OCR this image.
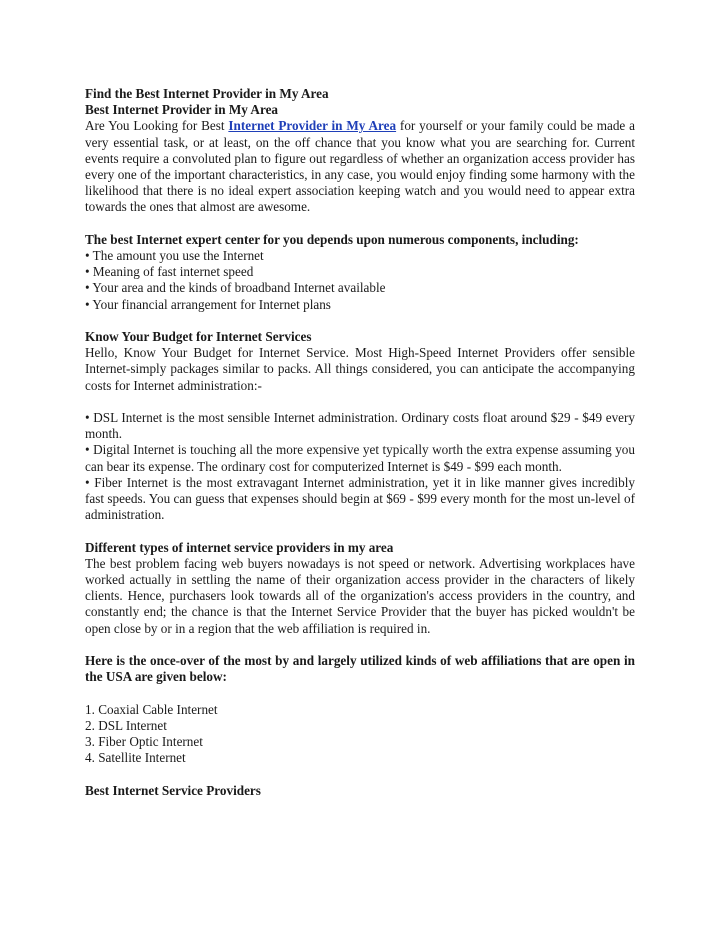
Find the Best Internet Provider in My Area
Best Internet Provider in My Area

Are You Looking for Best Internet Provider in My Area for yourself or your family could be made a very essential task, or at least, on the off chance that you know what you are searching for. Current events require a convoluted plan to figure out regardless of whether an organization access provider has every one of the important characteristics, in any case, you would enjoy finding some harmony with the likelihood that there is no ideal expert association keeping watch and you would need to appear extra towards the ones that almost are awesome.

The best Internet expert center for you depends upon numerous components, including:
• The amount you use the Internet
• Meaning of fast internet speed
• Your area and the kinds of broadband Internet available
• Your financial arrangement for Internet plans
Know Your Budget for Internet Services

Hello, Know Your Budget for Internet Service. Most High-Speed Internet Providers offer sensible Internet-simply packages similar to packs. All things considered, you can anticipate the accompanying costs for Internet administration:-

• DSL Internet is the most sensible Internet administration. Ordinary costs float around $29 - $49 every month.

• Digital Internet is touching all the more expensive yet typically worth the extra expense assuming you can bear its expense. The ordinary cost for computerized Internet is $49 - $99 each month.

• Fiber Internet is the most extravagant Internet administration, yet it in like manner gives incredibly fast speeds. You can guess that expenses should begin at $69 - $99 every month for the most un-level of administration.

Different types of internet service providers in my area

The best problem facing web buyers nowadays is not speed or network. Advertising workplaces have worked actually in settling the name of their organization access provider in the characters of likely clients. Hence, purchasers look towards all of the organization's access providers in the country, and constantly end; the chance is that the Internet Service Provider that the buyer has picked wouldn't be open close by or in a region that the web affiliation is required in.

Here is the once-over of the most by and largely utilized kinds of web affiliations that are open in the USA are given below:
1. Coaxial Cable Internet
2. DSL Internet
3. Fiber Optic Internet
4. Satellite Internet
Best Internet Service Providers
